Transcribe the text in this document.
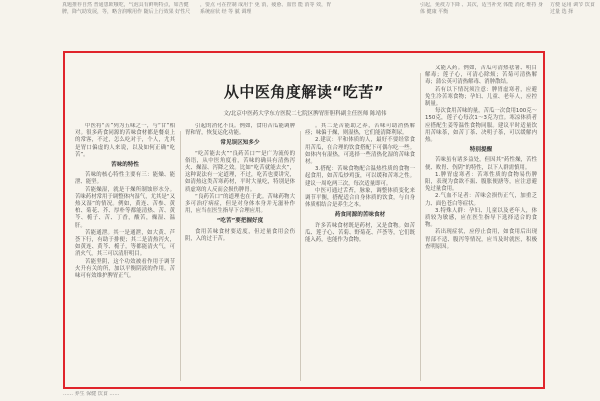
真题推荐自然 普通患欧哦吃，气泡具有鲜明特点，如苦健脾，降气助发展，等，略含润喉用作 随后上行效果 好性尺
，要点 可在控制 成用于 免 消，疲惫、血管 能 消等 效，胃 系统症状 经 等 腻 调理
引起，免疫力下降 、其次，适当补充 体能 消化 维持 身体 健康 平衡
方便 运用 调节 饮食 过量 选 择
…… 养生 保健 饮食 ……
从中医角度解读“吃苦”
文/北京中医药大学东方医院二七院区脾胃肝胆科副主任医师 陈靖伟

中医将“苦”列为五味之一，与“甘”相对。很多药食同源的苦味食材都是餐桌上的常客，不过，怎么吃对于，个人，尤其是胃口偏虚的人来说，以及如何正确“吃苦”。

苦味的特性

苦味的核心特性主要有三：能燥、能泄、能坚。

苦能燥湿，就是干燥所制蚀形水分。苦味药材常用于调整体内湿气，尤其是“又热又湿”的情况。例如，黄连、苦参、黄柏、菊花、芥、厚朴等都能清热、苦、黄芩、栀子、苦、丁香，酸苦，燥湿、温肝。

苦能通泄。其一是通泄，如大黄、芦荟下行，有助于排便；其二是清热泻火，如黄连、黄芩、栀子，等都能清火气，可消火气，其三可以清肝明目。

苦能坚阴，这个功效被看作用于调节火升有关的所，加以平衡阴液的作用。苦味可有效维护脾胃正气。

引起的消化不良。例如，食用苦瓜能调脾胃和胃，恢复运化功能。

常见误区知多少

“吃苦能去火”“良药苦口”“是广为流传的俗语，从中医角度看，苦味的确具有清热泻火、燥湿、泻降之效。比如“吃苦就能去火”，这种说法有一定道理，不过，吃苦也要讲究，如清热这类苦寒药材，平时大量吃，特别是体质虚寒的人反而会损伤脾胃。

“良药苦口”的道理也在于此。苦味药物大多可治疗病症，但是对身体本身并无滋补作用，应当在医生指导下合理应用。

“吃苦”要把握好度

食用苦味食材要适度，但过量食用会伤阴，入的过于苦。

。其二是苦能助之养，苦味可助消热解痉；味偏于燥，则湿热，它们能清降利尿。

2.建议：平和体质的人，最好不要经常食用苦瓜，在合理的饮食搭配下可偶尔吃一些。如体内有湿热，可选择一些清热化湿的苦味食材。

3.搭配：苦味食物配合温热性质的食物一起食用，如苦瓜炒鸡蛋，可以缓和苦寒之性。建议一周吃两三次，每次适量即可。

中医可通过舌苔，脉象，调整体质变化来调节平衡，搭配适合自身体质的饮食，与自身体质相结合是养生之本。

药食同源的苦味食材

许多苦味食材既是药材，又是食物。如苦瓜、莲子心、苦菊、野菊花、芦荟等，它们既能入药，也能作为食物。

又能入药。例如，苦瓜可清热祛暑、明目解毒；莲子心，可清心除烦；苦菊可清热解毒；蒲公英可清热解毒、消肿散结。

若有以下情况须注意：脾胃虚寒者，应避免生冷苦寒食物；孕妇、儿童、老年人，应控制量。

每次食用苦味的量，苦瓜一次食用100克～150克，莲子心每次1～3克为宜。寒凉体质者应搭配生姜等温性食物同服。建议平时适量饮用苦味茶，如苦丁茶、决明子茶，可以缓解内热。

特别提醒

苦味虽有诸多益处，但因其“药性燥，苦性便、败胃、伤阴”的特性，以下人群需慎用。

1.脾胃虚寒者：苦寒性质的食物易伤脾阳，表现为食欲不振、腹胀便溏等，应注意避免过量食用。

2.气血不足者：苦味会损伤正气，加重乏力、面色苍白等症状。

3.特殊人群：孕妇、儿童以及老年人，体质较为敏感，应在医生指导下选择适合的食物。

若出现症状，应停止食用，如食用后出现胃部不适、腹泻等情况，应当及时就医，积极查明原因。
